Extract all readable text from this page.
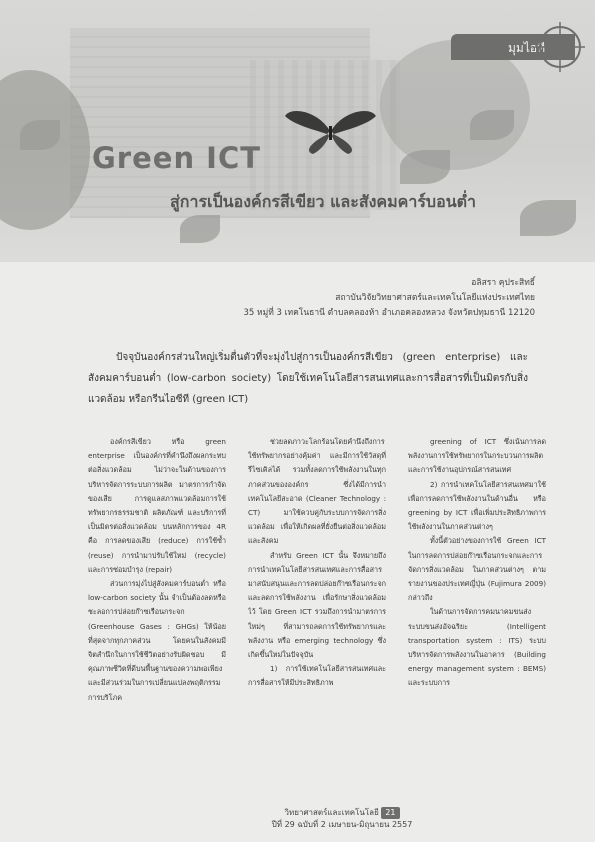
มุมไอที
Green ICT
สู่การเป็นองค์กรสีเขียว และสังคมคาร์บอนต่ำ
อลิสรา คุประสิทธิ์
สถาบันวิจัยวิทยาศาสตร์และเทคโนโลยีแห่งประเทศไทย
35 หมู่ที่ 3 เทคโนธานี ตำบลคลองห้า อำเภอคลองหลวง จังหวัดปทุมธานี 12120
ปัจจุบันองค์กรส่วนใหญ่เริ่มตื่นตัวที่จะมุ่งไปสู่การเป็นองค์กรสีเขียว (green enterprise) และสังคมคาร์บอนต่ำ (low-carbon society) โดยใช้เทคโนโลยีสารสนเทศและการสื่อสารที่เป็นมิตรกับสิ่งแวดล้อม หรือกรีนไอซีที (green ICT)

องค์กรสีเขียว หรือ green enterprise เป็นองค์กรที่คำนึงถึงผลกระทบต่อสิ่งแวดล้อม ไม่ว่าจะในด้านของการบริหารจัดการระบบการผลิต มาตรการกำจัดของเสีย การดูแลสภาพแวดล้อมการใช้ทรัพยากรธรรมชาติ ผลิตภัณฑ์ และบริการที่เป็นมิตรต่อสิ่งแวดล้อม บนหลักการของ 4R คือ การลดของเสีย (reduce) การใช้ซ้ำ (reuse) การนำมาปรับใช้ใหม่ (recycle) และการซ่อมบำรุง (repair)

ส่วนการมุ่งไปสู่สังคมคาร์บอนต่ำ หรือ low-carbon society นั้น จำเป็นต้องลดหรือชะลอการปล่อยก๊าซเรือนกระจก (Greenhouse Gases : GHGs) ให้น้อยที่สุดจากทุกภาคส่วน โดยคนในสังคมมีจิตสำนึกในการใช้ชีวิตอย่างรับผิดชอบ มีคุณภาพชีวิตที่ดีบนพื้นฐานของความพอเพียง และมีส่วนร่วมในการเปลี่ยนแปลงพฤติกรรมการบริโภค

ช่วยลดภาวะโลกร้อนโดยคำนึงถึงการใช้ทรัพยากรอย่างคุ้มค่า และมีการใช้วัสดุที่รีไซเคิลได้ รวมทั้งลดการใช้พลังงานในทุกภาคส่วนขององค์กร ซึ่งได้มีการนำเทคโนโลยีสะอาด (Cleaner Technology : CT) มาใช้ควบคู่กับระบบการจัดการสิ่งแวดล้อม เพื่อให้เกิดผลที่ยั่งยืนต่อสิ่งแวดล้อม และสังคม

สำหรับ Green ICT นั้น จึงหมายถึงการนำเทคโนโลยีสารสนเทศและการสื่อสารมาสนับสนุนและการลดปล่อยก๊าซเรือนกระจก และลดการใช้พลังงาน เพื่อรักษาสิ่งแวดล้อมไว้ โดย Green ICT รวมถึงการนำมาตรการใหม่ๆ ที่สามารถลดการใช้ทรัพยากรและพลังงาน หรือ emerging technology ซึ่งเกิดขึ้นใหม่ในปัจจุบัน

1) การใช้เทคโนโลยีสารสนเทศและการสื่อสารให้มีประสิทธิภาพ

greening of ICT ซึ่งเน้นการลดพลังงานการใช้ทรัพยากรในกระบวนการผลิตและการใช้งานอุปกรณ์สารสนเทศ

2) การนำเทคโนโลยีสารสนเทศมาใช้เพื่อการลดการใช้พลังงานในด้านอื่น หรือ greening by ICT เพื่อเพิ่มประสิทธิภาพการใช้พลังงานในภาคส่วนต่างๆ

ทั้งนี้ตัวอย่างของการใช้ Green ICT ในการลดการปล่อยก๊าซเรือนกระจกและการจัดการสิ่งแวดล้อม ในภาคส่วนต่างๆ ตามรายงานของประเทศญี่ปุ่น (Fujimura 2009) กล่าวถึง

ในด้านการจัดการคมนาคมขนส่ง ระบบขนส่งอัจฉริยะ (Intelligent transportation system : ITS) ระบบบริหารจัดการพลังงานในอาคาร (Building energy management system : BEMS) และระบบการ

วิทยาศาสตร์และเทคโนโลยี 21
ปีที่ 29 ฉบับที่ 2 เมษายน-มิถุนายน 2557
